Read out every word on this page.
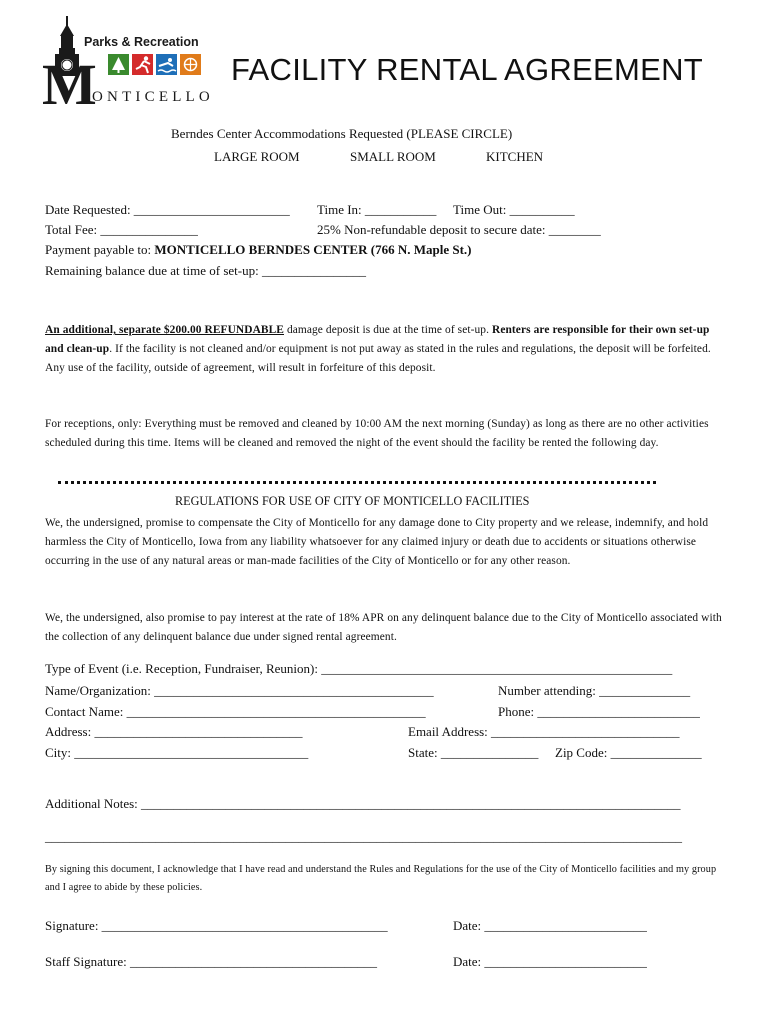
M
Parks & Recreation
ONTICELLO
FACILITY RENTAL AGREEMENT
Berndes Center Accommodations Requested (PLEASE CIRCLE)
LARGE ROOM	SMALL ROOM	KITCHEN
Date Requested: ________________________ Time In: ___________ Time Out: __________
Total Fee: _______________	25% Non-refundable deposit to secure date: ________
Payment payable to: MONTICELLO BERNDES CENTER (766 N. Maple St.)
Remaining balance due at time of set-up: ________________
An additional, separate $200.00 REFUNDABLE damage deposit is due at the time of set-up. Renters are responsible for their own set-up and clean-up. If the facility is not cleaned and/or equipment is not put away as stated in the rules and regulations, the deposit will be forfeited. Any use of the facility, outside of agreement, will result in forfeiture of this deposit.
For receptions, only: Everything must be removed and cleaned by 10:00 AM the next morning (Sunday) as long as there are no other activities scheduled during this time. Items will be cleaned and removed the night of the event should the facility be rented the following day.
REGULATIONS FOR USE OF CITY OF MONTICELLO FACILITIES
We, the undersigned, promise to compensate the City of Monticello for any damage done to City property and we release, indemnify, and hold harmless the City of Monticello, Iowa from any liability whatsoever for any claimed injury or death due to accidents or situations otherwise occurring in the use of any natural areas or man-made facilities of the City of Monticello or for any other reason.
We, the undersigned, also promise to pay interest at the rate of 18% APR on any delinquent balance due to the City of Monticello associated with the collection of any delinquent balance due under signed rental agreement.
Type of Event (i.e. Reception, Fundraiser, Reunion): ______________________________________________________
Name/Organization: ___________________________________________	Number attending: ______________
Contact Name: ______________________________________________	Phone: _________________________
Address: ________________________________	Email Address: _____________________________
City: ____________________________________	State: _______________ Zip Code: ______________
Additional Notes: ___________________________________________________________________________________
__________________________________________________________________________________________________
By signing this document, I acknowledge that I have read and understand the Rules and Regulations for the use of the City of Monticello facilities and my group and I agree to abide by these policies.
Signature: ____________________________________________	Date: _________________________
Staff Signature: ______________________________________	Date: _________________________
